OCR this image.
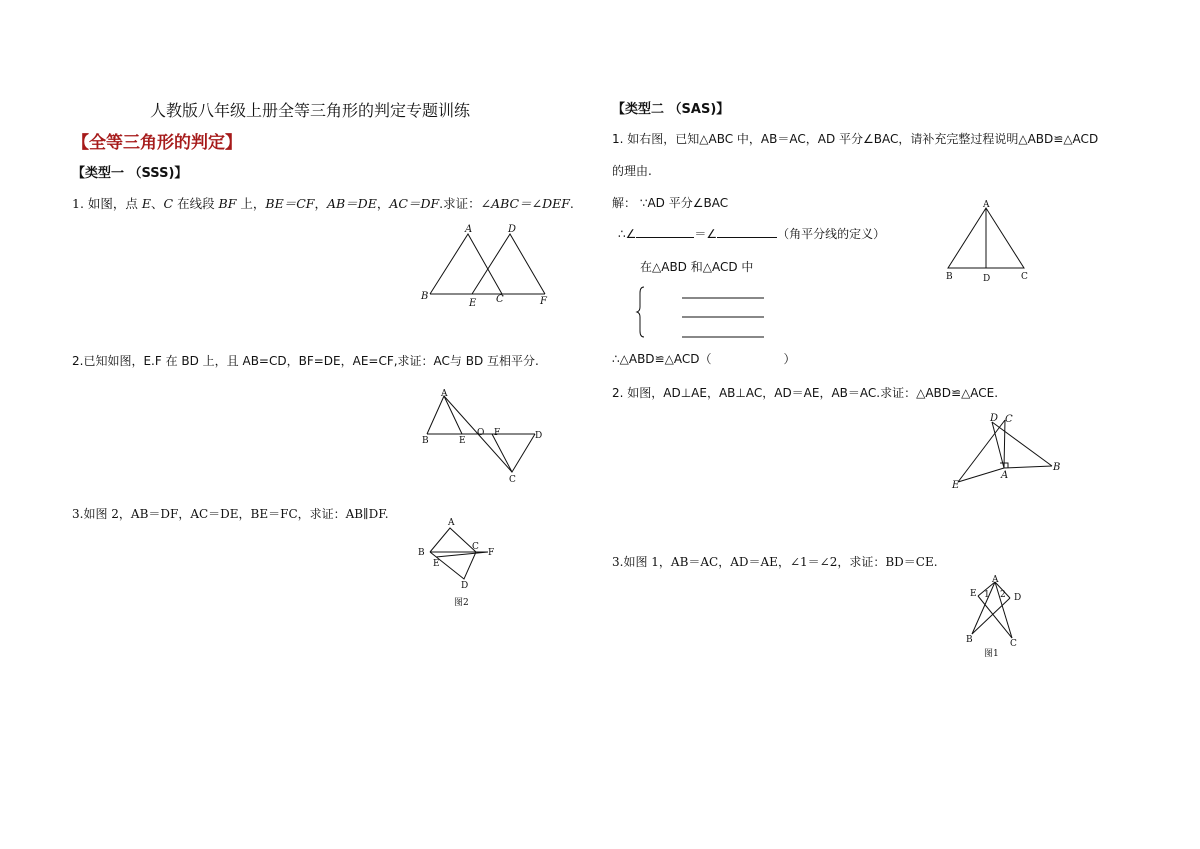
人教版八年级上册全等三角形的判定专题训练
【全等三角形的判定】
【类型一 （SSS)】
1. 如图，点 E、C 在线段 BF 上，BE＝CF，AB＝DE，AC＝DF.求证：∠ABC＝∠DEF.
A	D
B
E C	F
2.已知如图，E.F 在 BD 上，且 AB=CD，BF=DE，AE=CF,求证：AC与 BD 互相平分.
A
B	E
O F	D
C
3.如图 2，AB＝DF，AC＝DE，BE＝FC，求证：AB∥DF.
A
B
E
C
F
D
图2
【类型二 （SAS)】
1. 如右图，已知△ABC 中，AB＝AC，AD 平分∠BAC，请补充完整过程说明△ABD≌△ACD
的理由.
解： ∵AD 平分∠BAC
∴∠	＝∠	（角平分线的定义）
在△ABD 和△ACD 中
∴△ABD≌△ACD（	）
A
B	D	C
2. 如图，AD⊥AE，AB⊥AC，AD＝AE，AB＝AC.求证：△ABD≌△ACE.
D C
B
E
A
3.如图 1，AB＝AC，AD＝AE，∠1＝∠2，求证：BD＝CE.
A
E 1 2 D
B	C
图1
